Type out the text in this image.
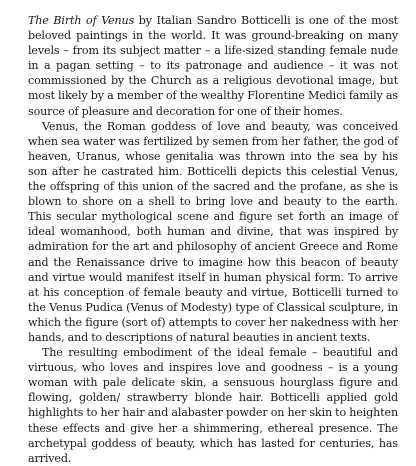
The Birth of Venus by Italian Sandro Botticelli is one of the most beloved paintings in the world. It was ground-breaking on many levels – from its subject matter – a life-sized standing female nude in a pagan setting – to its patronage and audience – it was not commissioned by the Church as a religious devotional image, but most likely by a member of the wealthy Florentine Medici family as source of pleasure and decoration for one of their homes.

Venus, the Roman goddess of love and beauty, was conceived when sea water was fertilized by semen from her father, the god of heaven, Uranus, whose genitalia was thrown into the sea by his son after he castrated him. Botticelli depicts this celestial Venus, the offspring of this union of the sacred and the profane, as she is blown to shore on a shell to bring love and beauty to the earth. This secular mythological scene and figure set forth an image of ideal womanhood, both human and divine, that was inspired by admiration for the art and philosophy of ancient Greece and Rome and the Renaissance drive to imagine how this beacon of beauty and virtue would manifest itself in human physical form. To arrive at his conception of female beauty and virtue, Botticelli turned to the Venus Pudica (Venus of Modesty) type of Classical sculpture, in which the figure (sort of) attempts to cover her nakedness with her hands, and to descriptions of natural beauties in ancient texts.

The resulting embodiment of the ideal female – beautiful and virtuous, who loves and inspires love and goodness – is a young woman with pale delicate skin, a sensuous hourglass figure and flowing, golden/ strawberry blonde hair. Botticelli applied gold highlights to her hair and alabaster powder on her skin to heighten these effects and give her a shimmering, ethereal presence. The archetypal goddess of beauty, which has lasted for centuries, has arrived.
